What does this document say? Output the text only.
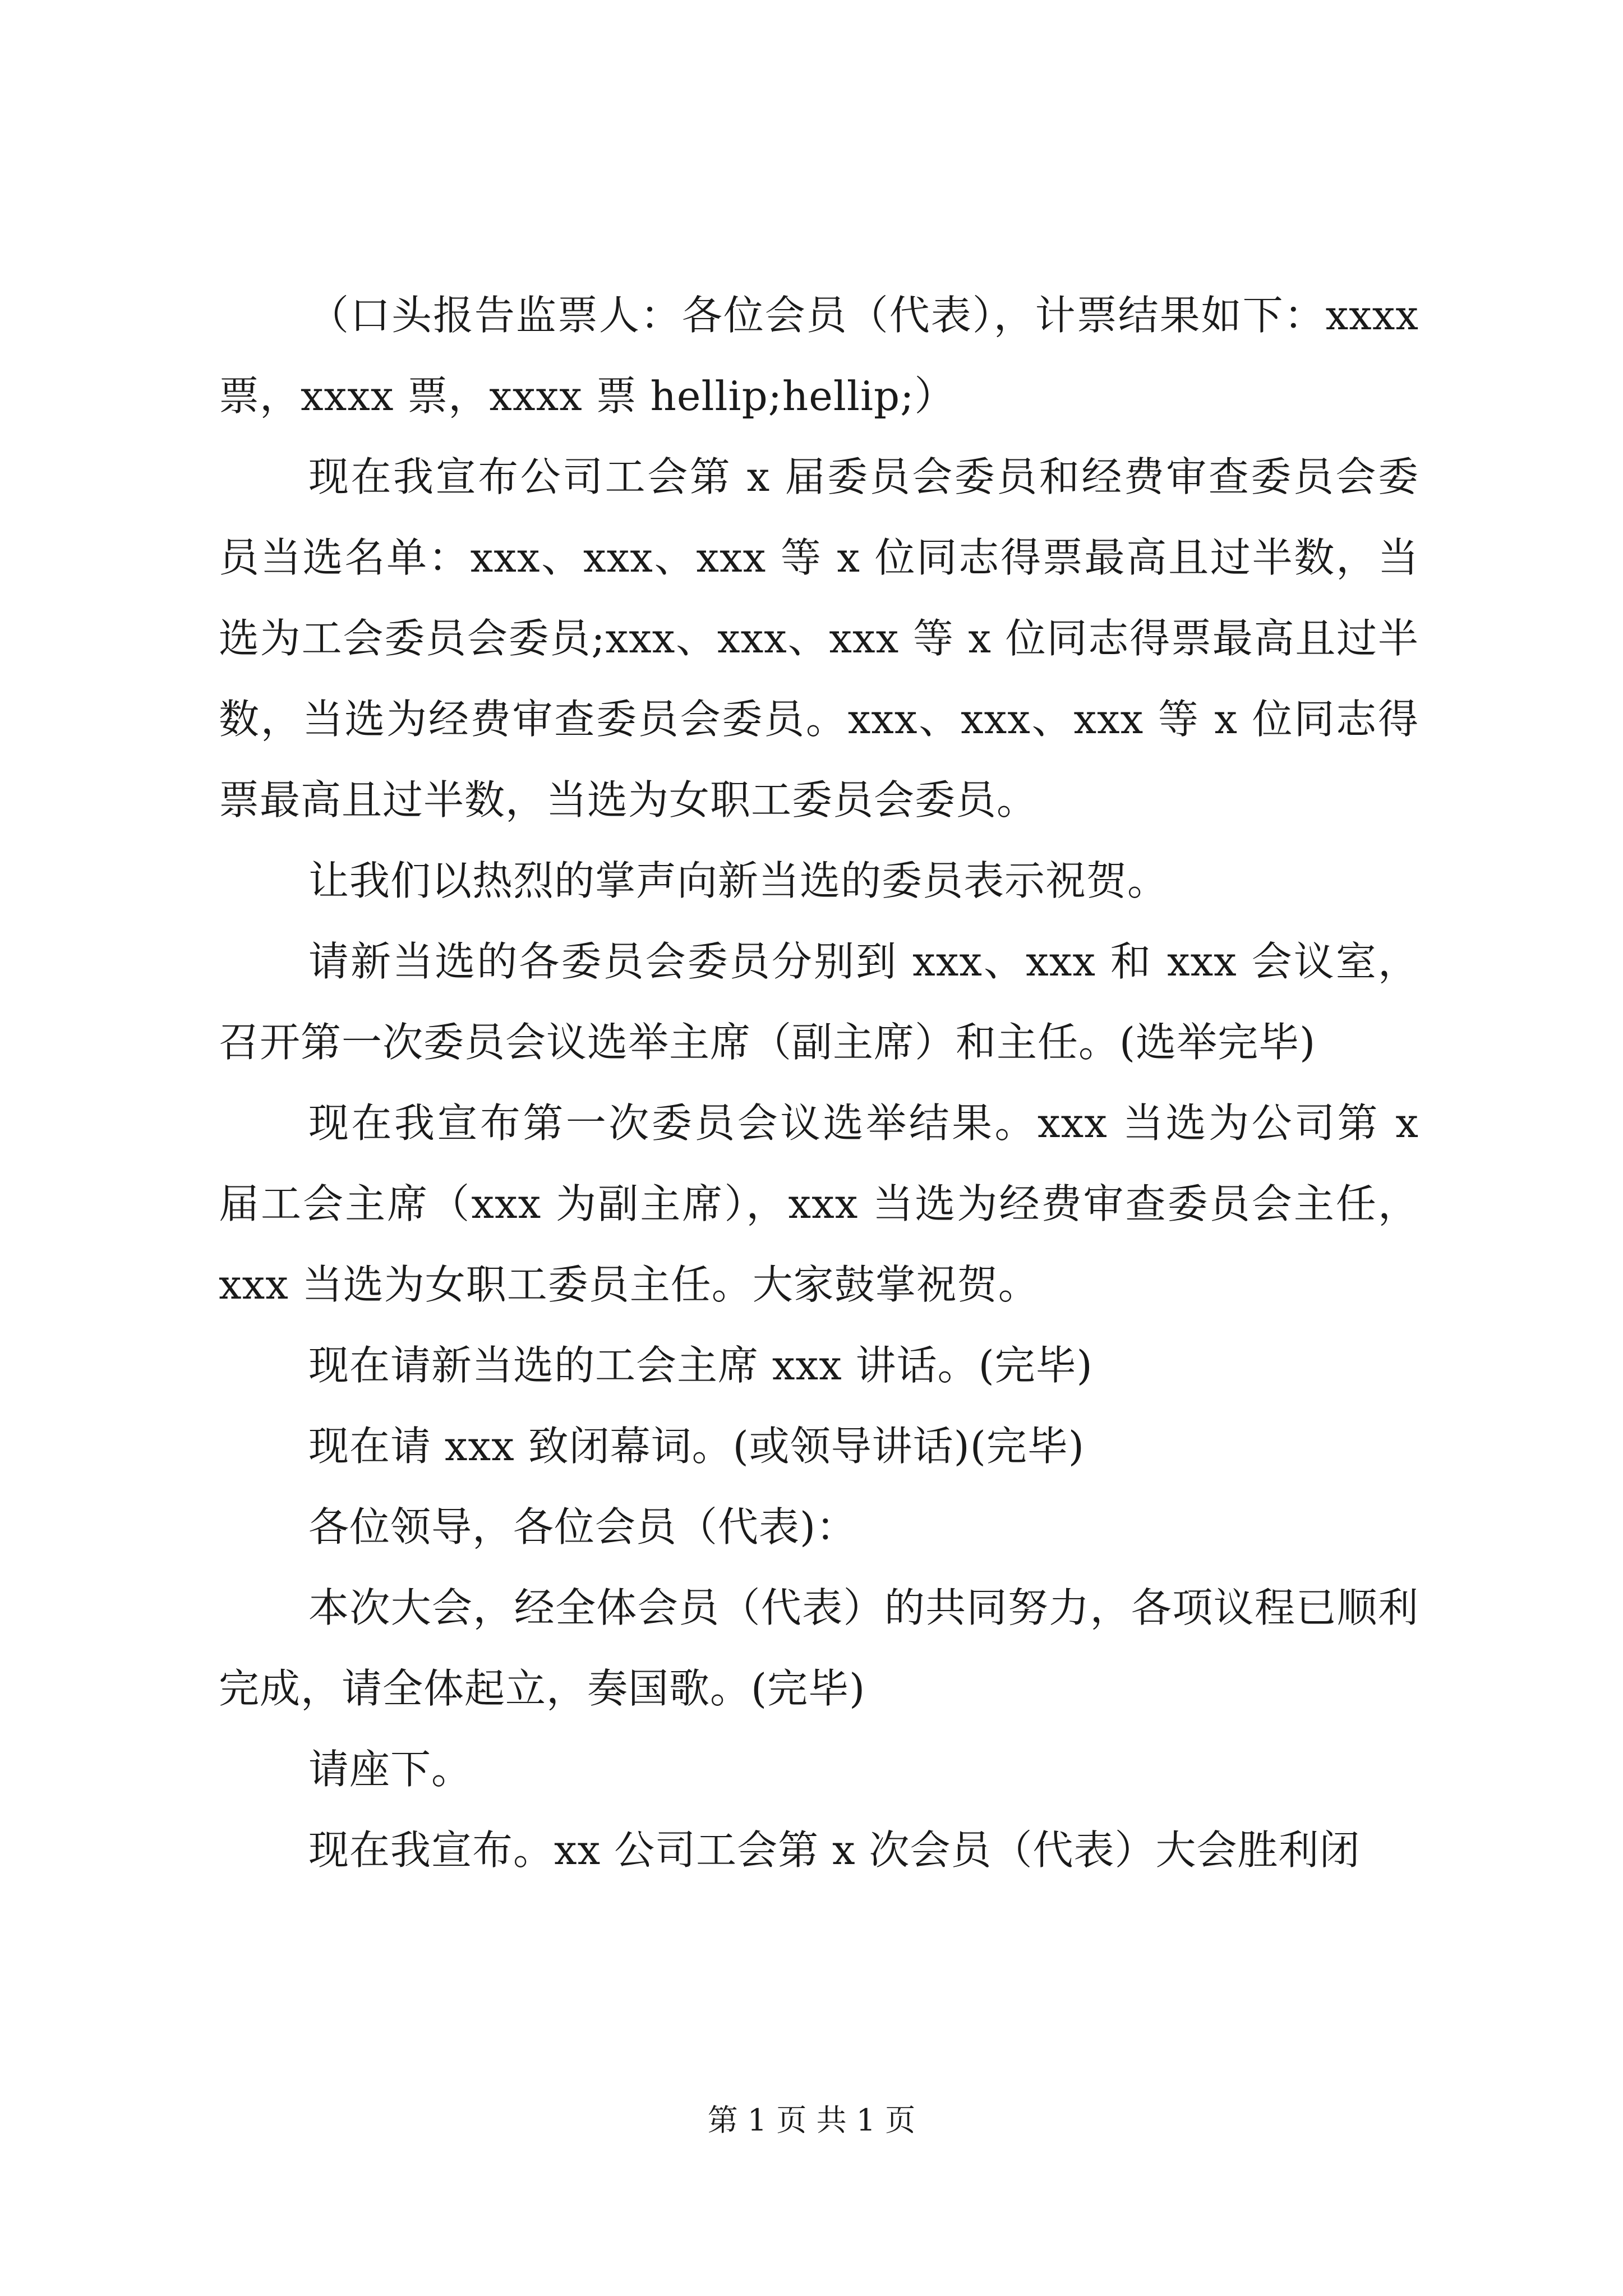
（口头报告监票人：各位会员（代表），计票结果如下：xxxx 票，xxxx 票，xxxx 票 hellip;hellip;）

现在我宣布公司工会第 x 届委员会委员和经费审查委员会委员当选名单：xxx、xxx、xxx 等 x 位同志得票最高且过半数，当选为工会委员会委员;xxx、xxx、xxx 等 x 位同志得票最高且过半数，当选为经费审查委员会委员。xxx、xxx、xxx 等 x 位同志得票最高且过半数，当选为女职工委员会委员。

让我们以热烈的掌声向新当选的委员表示祝贺。

请新当选的各委员会委员分别到 xxx、xxx 和 xxx 会议室，召开第一次委员会议选举主席（副主席）和主任。(选举完毕)

现在我宣布第一次委员会议选举结果。xxx 当选为公司第 x 届工会主席（xxx 为副主席），xxx 当选为经费审查委员会主任，xxx 当选为女职工委员主任。大家鼓掌祝贺。

现在请新当选的工会主席 xxx 讲话。(完毕)

现在请 xxx 致闭幕词。(或领导讲话)(完毕)

各位领导，各位会员（代表)：

本次大会，经全体会员（代表）的共同努力，各项议程已顺利完成，请全体起立，奏国歌。(完毕)

请座下。

现在我宣布。xx 公司工会第 x 次会员（代表）大会胜利闭

第 1 页 共 1 页
